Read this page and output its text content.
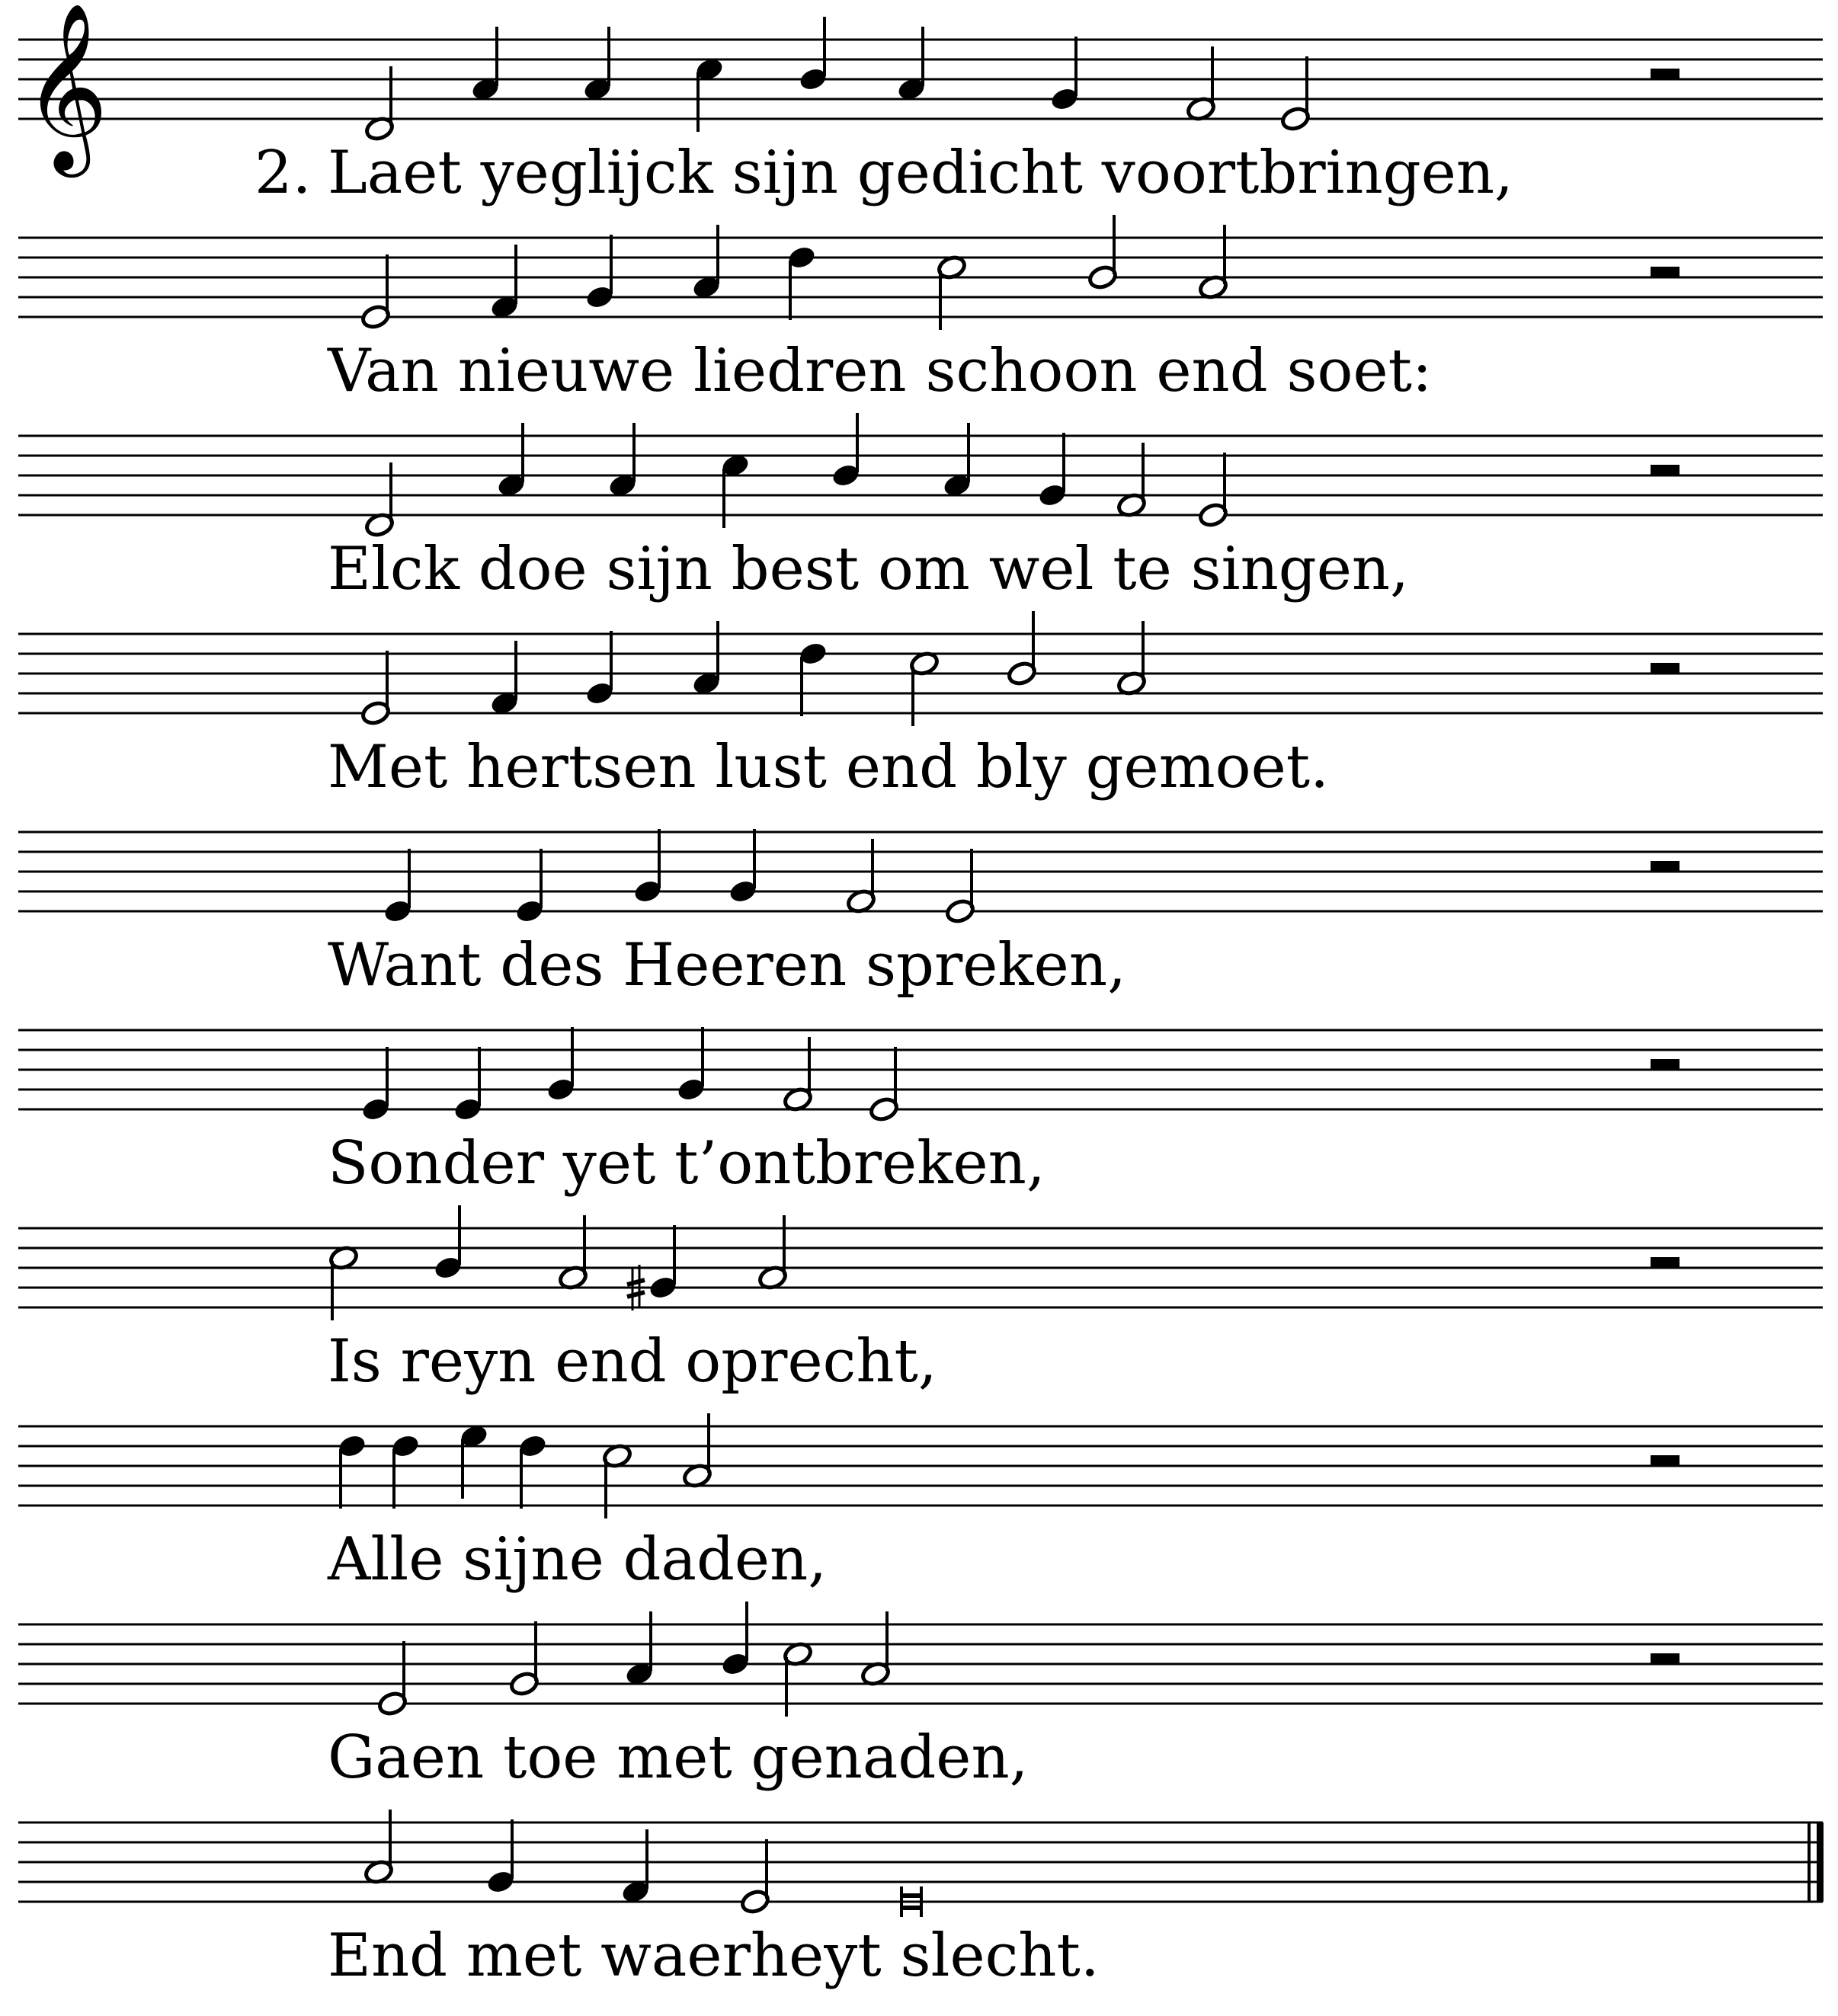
2.
𝄞
Laet yeglijck sijn gedicht voortbringen,
Van nieuwe liedren schoon end soet:
Elck doe sijn best om wel te singen,
Met hertsen lust end bly gemoet.
Want des Heeren spreken,
Sonder yet t’ontbreken,
Is reyn end oprecht,
Alle sijne daden,
Gaen toe met genaden,
End met waerheyt slecht.
